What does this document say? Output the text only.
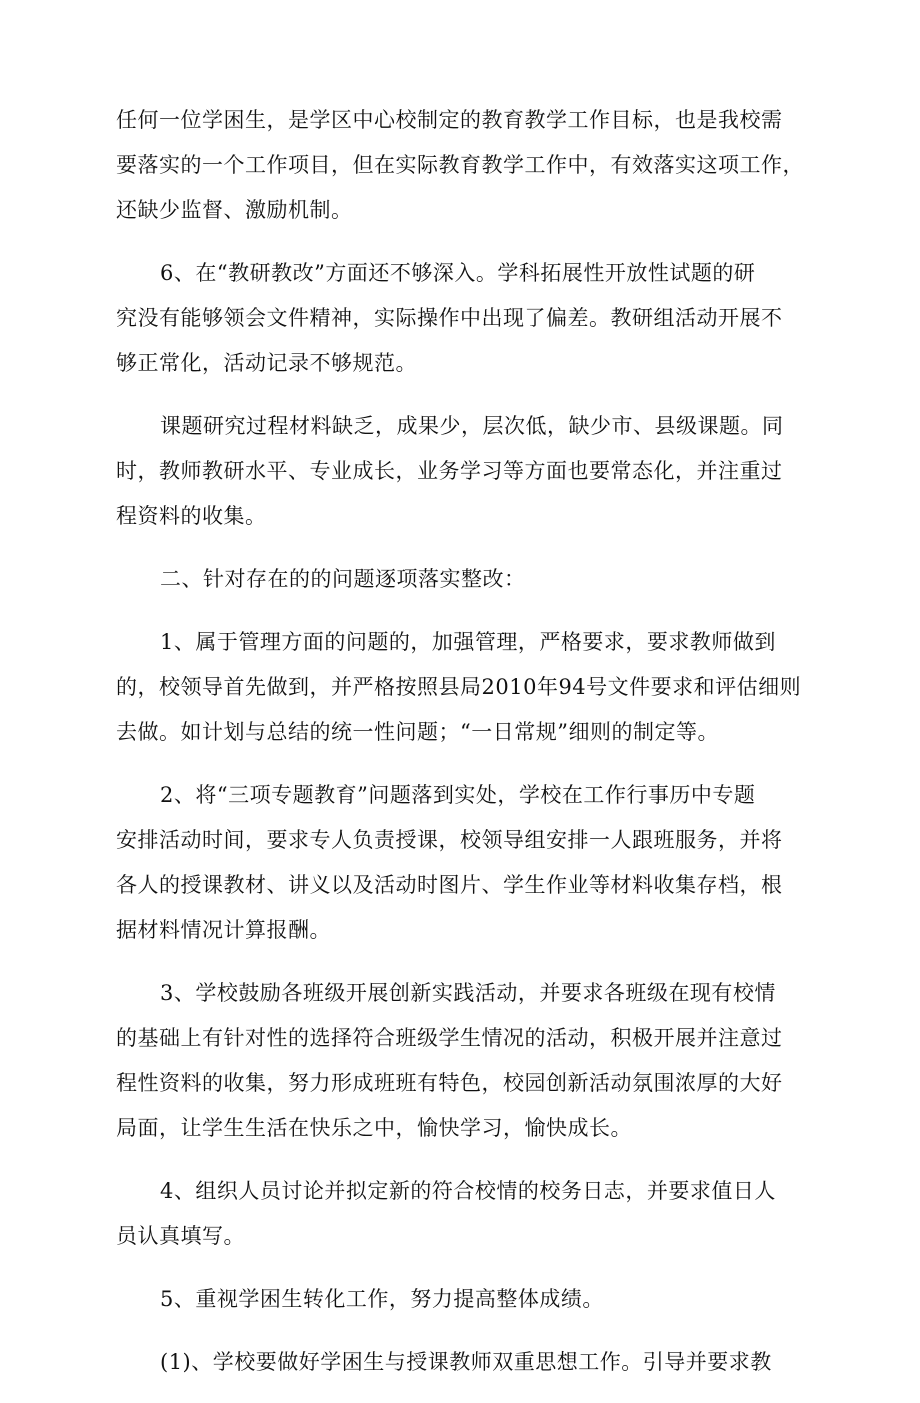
任何一位学困生，是学区中心校制定的教育教学工作目标，也是我校需
要落实的一个工作项目，但在实际教育教学工作中，有效落实这项工作，
还缺少监督、激励机制。

6、在“教研教改”方面还不够深入。学科拓展性开放性试题的研
究没有能够领会文件精神，实际操作中出现了偏差。教研组活动开展不
够正常化，活动记录不够规范。

课题研究过程材料缺乏，成果少，层次低，缺少市、县级课题。同
时，教师教研水平、专业成长，业务学习等方面也要常态化，并注重过
程资料的收集。

二、针对存在的的问题逐项落实整改：

1、属于管理方面的问题的，加强管理，严格要求，要求教师做到
的，校领导首先做到，并严格按照县局2010年94号文件要求和评估细则
去做。如计划与总结的统一性问题；“一日常规”细则的制定等。

2、将“三项专题教育”问题落到实处，学校在工作行事历中专题
安排活动时间，要求专人负责授课，校领导组安排一人跟班服务，并将
各人的授课教材、讲义以及活动时图片、学生作业等材料收集存档，根
据材料情况计算报酬。

3、学校鼓励各班级开展创新实践活动，并要求各班级在现有校情
的基础上有针对性的选择符合班级学生情况的活动，积极开展并注意过
程性资料的收集，努力形成班班有特色，校园创新活动氛围浓厚的大好
局面，让学生生活在快乐之中，愉快学习，愉快成长。

4、组织人员讨论并拟定新的符合校情的校务日志，并要求值日人
员认真填写。

5、重视学困生转化工作，努力提高整体成绩。

(1)、学校要做好学困生与授课教师双重思想工作。引导并要求教
